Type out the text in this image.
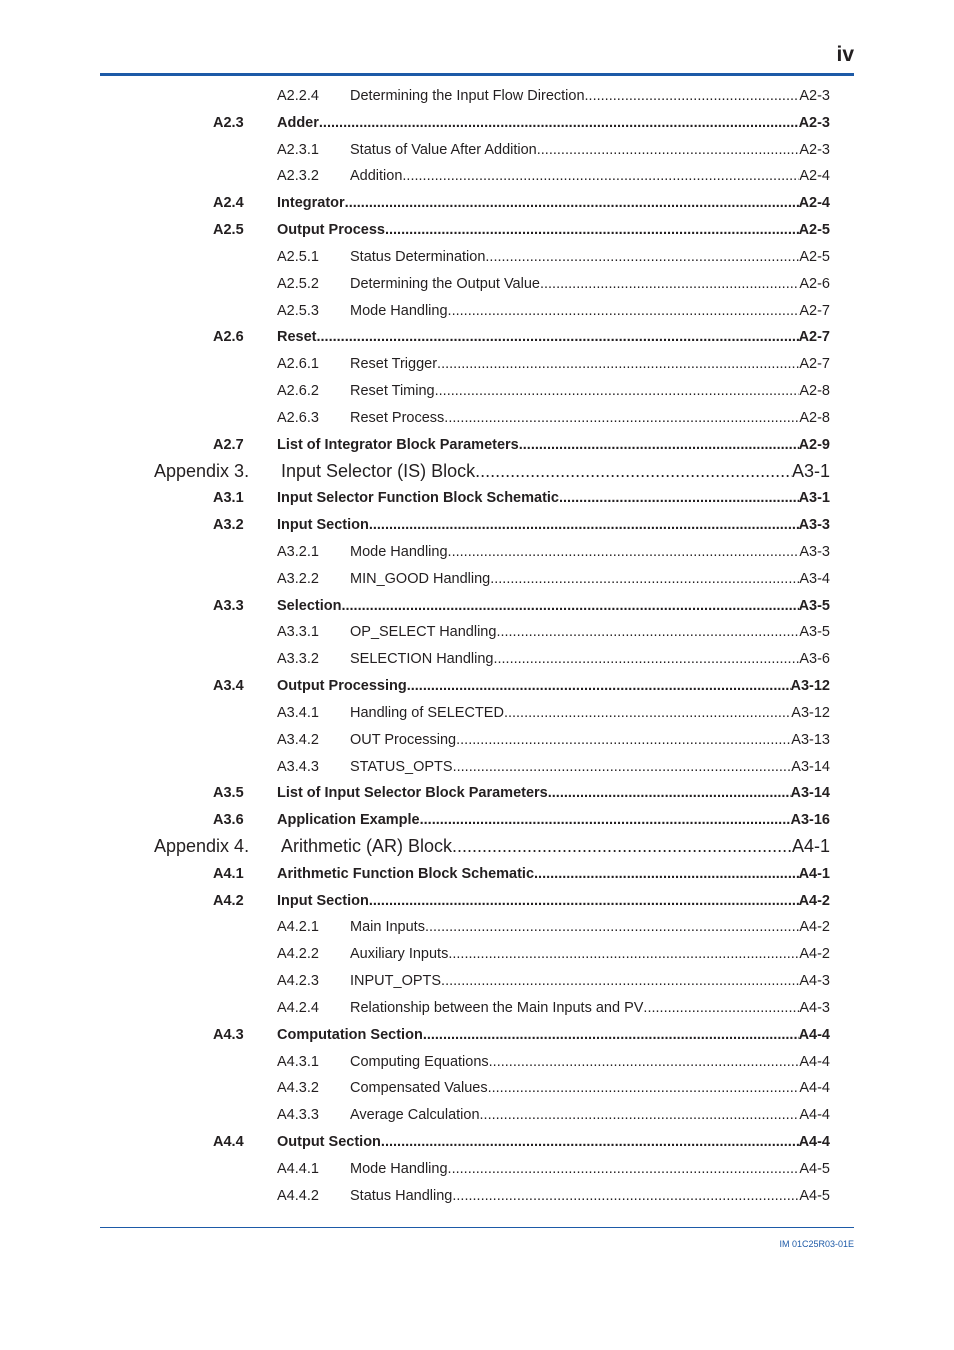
iv
A2.2.4 Determining the Input Flow Direction .....	A2-3
A2.3 Adder .....	A2-3
A2.3.1 Status of Value After Addition .....	A2-3
A2.3.2 Addition .....	A2-4
A2.4 Integrator .....	A2-4
A2.5 Output Process .....	A2-5
A2.5.1 Status Determination .....	A2-5
A2.5.2 Determining the Output Value .....	A2-6
A2.5.3 Mode Handling .....	A2-7
A2.6 Reset .....	A2-7
A2.6.1 Reset Trigger .....	A2-7
A2.6.2 Reset Timing .....	A2-8
A2.6.3 Reset Process .....	A2-8
A2.7 List of Integrator Block Parameters .....	A2-9
Appendix 3. Input Selector (IS) Block .....	A3-1
A3.1 Input Selector Function Block Schematic .....	A3-1
A3.2 Input Section .....	A3-3
A3.2.1 Mode Handling .....	A3-3
A3.2.2 MIN_GOOD Handling .....	A3-4
A3.3 Selection .....	A3-5
A3.3.1 OP_SELECT Handling .....	A3-5
A3.3.2 SELECTION Handling .....	A3-6
A3.4 Output Processing .....	A3-12
A3.4.1 Handling of SELECTED .....	A3-12
A3.4.2 OUT Processing .....	A3-13
A3.4.3 STATUS_OPTS .....	A3-14
A3.5 List of Input Selector Block Parameters .....	A3-14
A3.6 Application Example .....	A3-16
Appendix 4. Arithmetic (AR) Block .....	A4-1
A4.1 Arithmetic Function Block Schematic .....	A4-1
A4.2 Input Section .....	A4-2
A4.2.1 Main Inputs .....	A4-2
A4.2.2 Auxiliary Inputs .....	A4-2
A4.2.3 INPUT_OPTS .....	A4-3
A4.2.4 Relationship between the Main Inputs and PV .....	A4-3
A4.3 Computation Section .....	A4-4
A4.3.1 Computing Equations .....	A4-4
A4.3.2 Compensated Values .....	A4-4
A4.3.3 Average Calculation .....	A4-4
A4.4 Output Section .....	A4-4
A4.4.1 Mode Handling .....	A4-5
A4.4.2 Status Handling .....	A4-5
IM 01C25R03-01E
